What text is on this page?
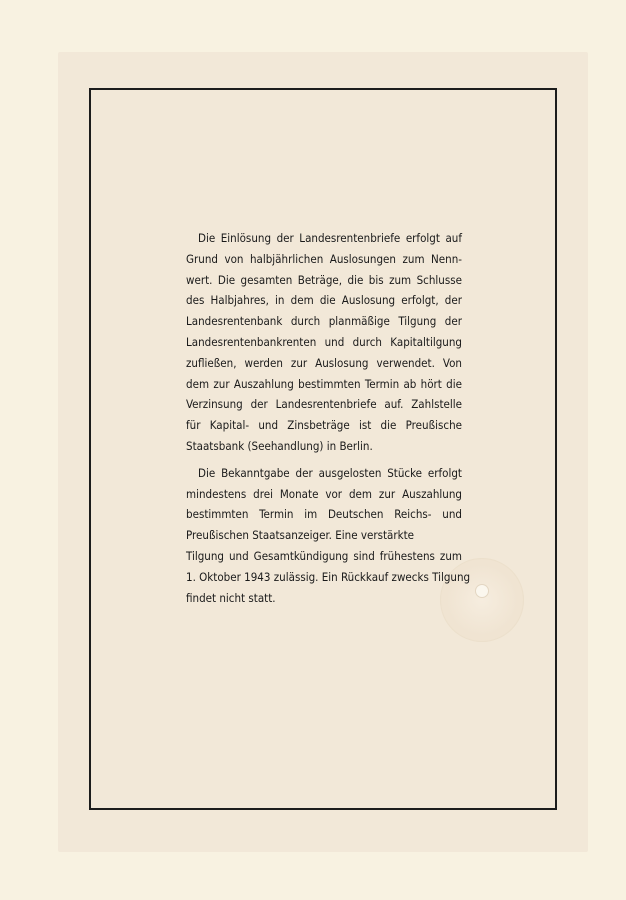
Die Einlösung der Landesrentenbriefe erfolgt auf
Grund von halbjährlichen Auslosungen zum Nenn-
wert. Die gesamten Beträge, die bis zum Schlusse
des Halbjahres, in dem die Auslosung erfolgt, der
Landesrentenbank durch planmäßige Tilgung der
Landesrentenbankrenten und durch Kapitaltilgung
zufließen, werden zur Auslosung verwendet. Von
dem zur Auszahlung bestimmten Termin ab hört die
Verzinsung der Landesrentenbriefe auf. Zahlstelle
für Kapital- und Zinsbeträge ist die Preußische
Staatsbank (Seehandlung) in Berlin.
Die Bekanntgabe der ausgelosten Stücke erfolgt
mindestens drei Monate vor dem zur Auszahlung
bestimmten Termin im Deutschen Reichs- und
Preußischen Staatsanzeiger. Eine verstärkte
Tilgung und Gesamtkündigung sind frühestens zum
1. Oktober 1943 zulässig. Ein Rückkauf zwecks Tilgung
findet nicht statt.
